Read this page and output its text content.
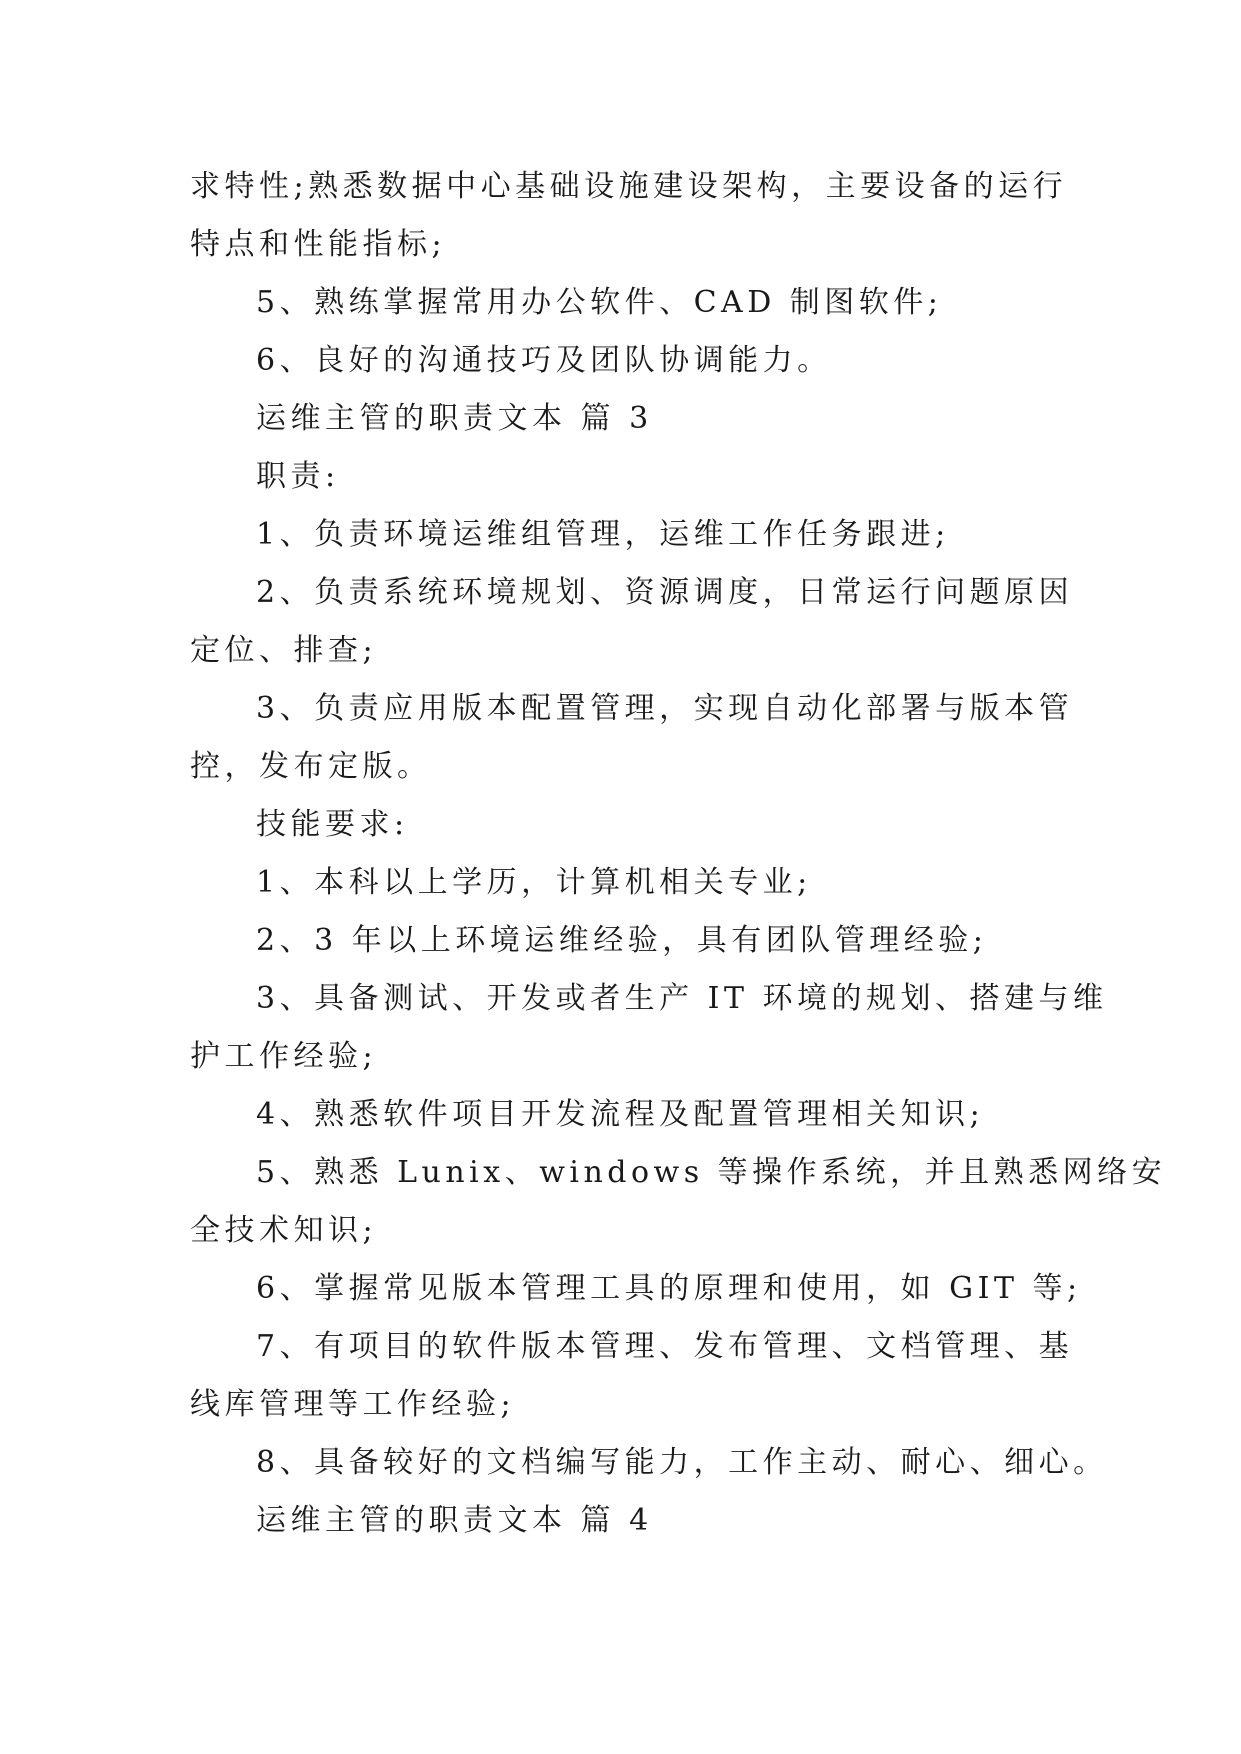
求特性;熟悉数据中心基础设施建设架构，主要设备的运行
特点和性能指标;
5、熟练掌握常用办公软件、CAD 制图软件;
6、良好的沟通技巧及团队协调能力。
运维主管的职责文本 篇 3
职责:
1、负责环境运维组管理，运维工作任务跟进;
2、负责系统环境规划、资源调度，日常运行问题原因
定位、排查;
3、负责应用版本配置管理，实现自动化部署与版本管
控，发布定版。
技能要求:
1、本科以上学历，计算机相关专业;
2、3 年以上环境运维经验，具有团队管理经验;
3、具备测试、开发或者生产 IT 环境的规划、搭建与维
护工作经验;
4、熟悉软件项目开发流程及配置管理相关知识;
5、熟悉 Lunix、windows 等操作系统，并且熟悉网络安
全技术知识;
6、掌握常见版本管理工具的原理和使用，如 GIT 等;
7、有项目的软件版本管理、发布管理、文档管理、基
线库管理等工作经验;
8、具备较好的文档编写能力，工作主动、耐心、细心。
运维主管的职责文本 篇 4
